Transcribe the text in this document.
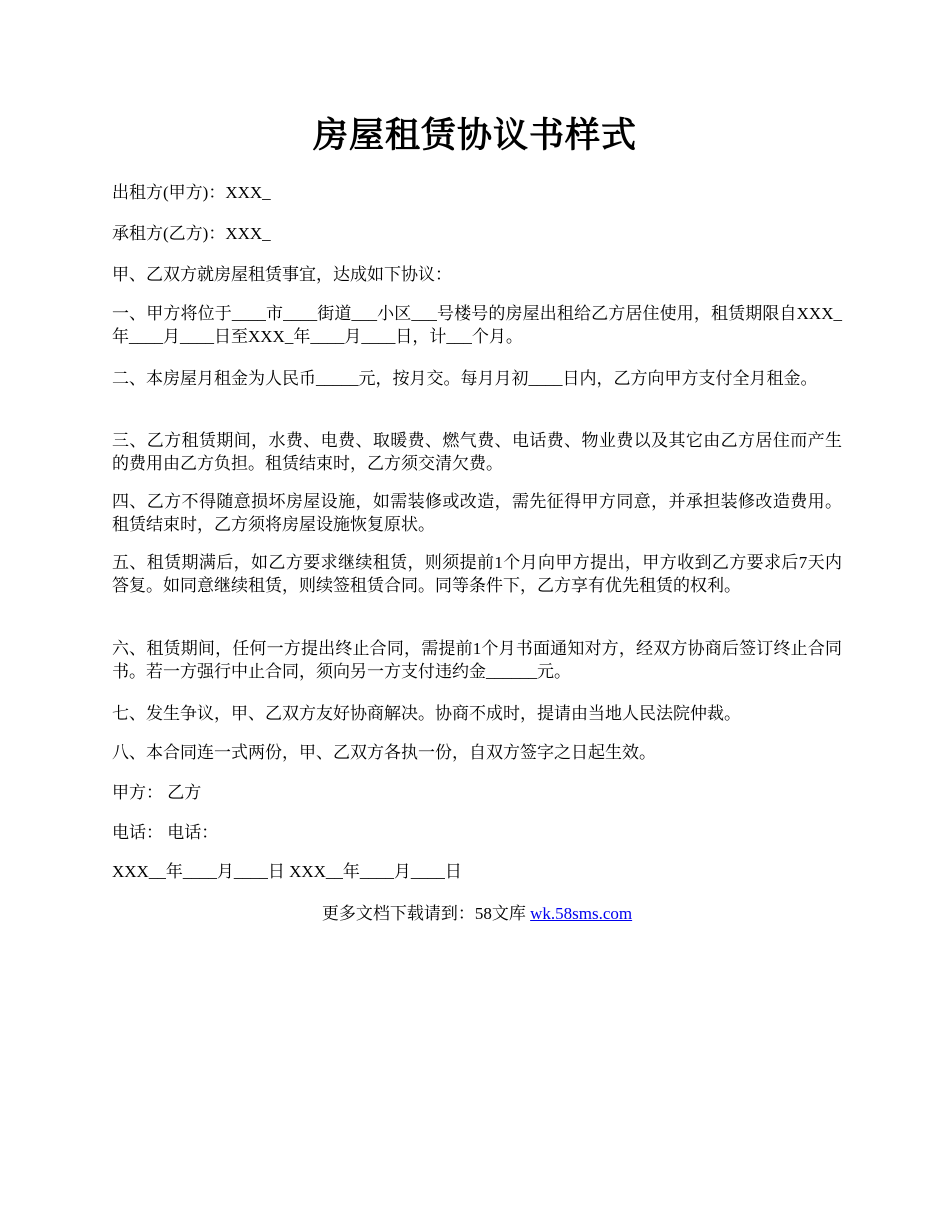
房屋租赁协议书样式

出租方(甲方)：XXX_

承租方(乙方)：XXX_

甲、乙双方就房屋租赁事宜，达成如下协议：

一、甲方将位于____市____街道___小区___号楼号的房屋出租给乙方居住使用，租赁期限自XXX_年____月____日至XXX_年____月____日，计___个月。

二、本房屋月租金为人民币_____元，按月交。每月月初____日内，乙方向甲方支付全月租金。

三、乙方租赁期间，水费、电费、取暖费、燃气费、电话费、物业费以及其它由乙方居住而产生的费用由乙方负担。租赁结束时，乙方须交清欠费。

四、乙方不得随意损坏房屋设施，如需装修或改造，需先征得甲方同意，并承担装修改造费用。租赁结束时，乙方须将房屋设施恢复原状。

五、租赁期满后，如乙方要求继续租赁，则须提前1个月向甲方提出，甲方收到乙方要求后7天内答复。如同意继续租赁，则续签租赁合同。同等条件下，乙方享有优先租赁的权利。

六、租赁期间，任何一方提出终止合同，需提前1个月书面通知对方，经双方协商后签订终止合同书。若一方强行中止合同，须向另一方支付违约金______元。

七、发生争议，甲、乙双方友好协商解决。协商不成时，提请由当地人民法院仲裁。

八、本合同连一式两份，甲、乙双方各执一份，自双方签字之日起生效。

甲方： 乙方

电话： 电话：

XXX__年____月____日 XXX__年____月____日

更多文档下载请到：58文库 wk.58sms.com
